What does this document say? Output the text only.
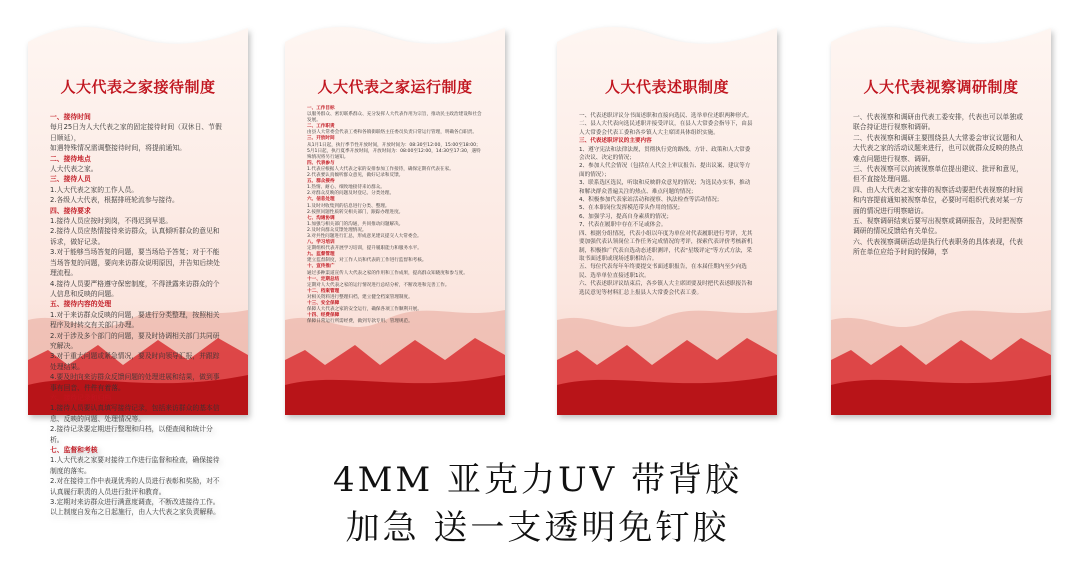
人大代表之家接待制度
一、接待时间
每月25日为人大代表之家的固定接待时间（双休日、节假日顺延），
如遇特殊情况需调整接待时间，将提前通知。
二、接待地点
人大代表之家。
三、接待人员
1.人大代表之家的工作人员。
2.各级人大代表，根据排班轮流参与接待。
四、接待要求
1.接待人员应按时到岗，不得迟到早退。
2.接待人员应热情接待来访群众，认真倾听群众的意见和诉求，做好记录。
3.对于能够当场答复的问题，要当场给予答复；对于不能当场答复的问题，要向来访群众说明原因，并告知后续处理流程。
4.接待人员要严格遵守保密制度，不得泄露来访群众的个人信息和反映的问题。
五、接待内容的处理
1.对于来访群众反映的问题，要进行分类整理，按照相关程序及时转交有关部门办理。
2.对于涉及多个部门的问题，要及时协调相关部门共同研究解决。
3.对于重大问题或紧急情况，要及时向领导汇报，并跟踪处理结果。
4.要及时向来访群众反馈问题的处理进展和结果，做到事事有回音、件件有着落。
六、接待记录和归档
1.接待人员要认真填写接待记录，包括来访群众的基本信息、反映的问题、处理情况等。
2.接待记录要定期进行整理和归档，以便查阅和统计分析。
七、监督和考核
1.人大代表之家要对接待工作进行监督和检查，确保接待制度的落实。
2.对在接待工作中表现优秀的人员进行表彰和奖励，对不认真履行职责的人员进行批评和教育。
3.定期对来访群众进行满意度调查，不断改进接待工作。
以上制度自发布之日起施行，由人大代表之家负责解释。
人大代表之家运行制度
一、工作目标
以服务群众、密切联系群众、充分发挥人大代表作用为宗旨，推动民主政治建设和社会发展。
二、工作职责
由县人大常委会代表工委和各镇街联络主任委员负责日常运行管理，明确各自职责。
三、开放时间
从1月1日起，执行季节性开放时间，开放时间为：08:30至12:00，15:00至18:00；5月1日起，执行夏季开放时间，开放时间为：08:00至12:00，14:30至17:30，遇特殊情况将另行通知。
四、代表参与
1.代表应根据人大代表之家的安排参加工作接待，确保定期有代表在家。
2.代表要认真倾听群众意见，做好记录和反馈。
五、群众接待
1.热情、耐心、细致地接待来访群众。
2.对群众反映的问题及时登记、分类处理。
六、信息处理
1.及时对收集到的信息进行分类、整理。
2.按照问题性质转交相关部门，跟踪办理进度。
七、沟通协调
1.加强与相关部门的沟通，共同推动问题解决。
2.及时向群众反馈处理情况。
3.对共性问题进行汇总，形成意见建议提交人大常委会。
八、学习培训
定期组织代表开展学习培训，提升履职能力和服务水平。
九、监督管理
建立监督制度，对工作人员和代表的工作进行监督和考核。
十、宣传推广
通过多种渠道宣传人大代表之家的作用和工作成果，提高群众知晓度和参与度。
十一、定期总结
定期对人大代表之家的运行情况进行总结分析，不断改进和完善工作。
十二、档案管理
对相关资料进行整理归档，建立健全档案管理制度。
十三、安全保障
保障人大代表之家的安全运行，确保各项工作顺利开展。
十四、经费保障
保障日常运行所需经费，做到专款专用、管理规范。
人大代表述职制度
一、代表述职评议分书面述职和直接向选民、选举单位述职两种形式。
二、县人大代表向选民述职并接受评议，在县人大常委会指导下，由县人大常委会代表工委和各乡镇人大主席团具体组织实施。
三、代表述职评议的主要内容
1、遵守宪法和法律法规，贯彻执行党的路线、方针、政策和人大常委会决议、决定的情况；
2、参加人代会情况（包括在人代会上审议报告、提出议案、建议等方面的情况）；
3、联系选区选民，听取和反映群众意见的情况；为选民办实事，推动和解决群众普遍关注的热点、难点问题的情况；
4、积极参加代表家站活动和视察、执法检查等活动情况；
5、在本职岗位发挥模范带头作用的情况；
6、加强学习，提高自身素质的情况；
7、代表在履职中存在不足或体会。
四、根据分组情况，代表小组以年度为单位对代表履职进行考评，尤其要加强代表认领岗位工作任务完成情况的考评，探索代表评价考核新机制，积极推广代表自选动态述职测评，代表"星级评定"等方式方法，采取书面述职或现场述职相结合。
五、每位代表每年年终要提交书面述职报告，在本届任期内至少向选民、选举单位直接述职1次。
六、代表述职评议结束后，各乡镇人大主席团要及时把代表述职报告和选民意见等材料汇总上报县人大常委会代表工委。
人大代表视察调研制度
一、代表视察和调研由代表工委安排，代表也可以单独或联合持证进行视察和调研。
二、代表视察和调研主要围绕县人大常委会审议议题和人大代表之家的活动议题来进行，也可以就群众反映的热点难点问题进行视察、调研。
三、代表视察可以向被视察单位提出建议、批评和意见，但不直接处理问题。
四、由人大代表之家安排的视察活动要把代表视察的时间和内容提前通知被视察单位，必要时可组织代表对某一方面的情况进行明察暗访。
五、视察调研结束后要写出视察或调研报告，及时把视察调研的情况反馈给有关单位。
六、代表视察调研活动是执行代表职务的具体表现，代表所在单位应给予时间的保障，享
4MM 亚克力UV 带背胶
加急 送一支透明免钉胶
